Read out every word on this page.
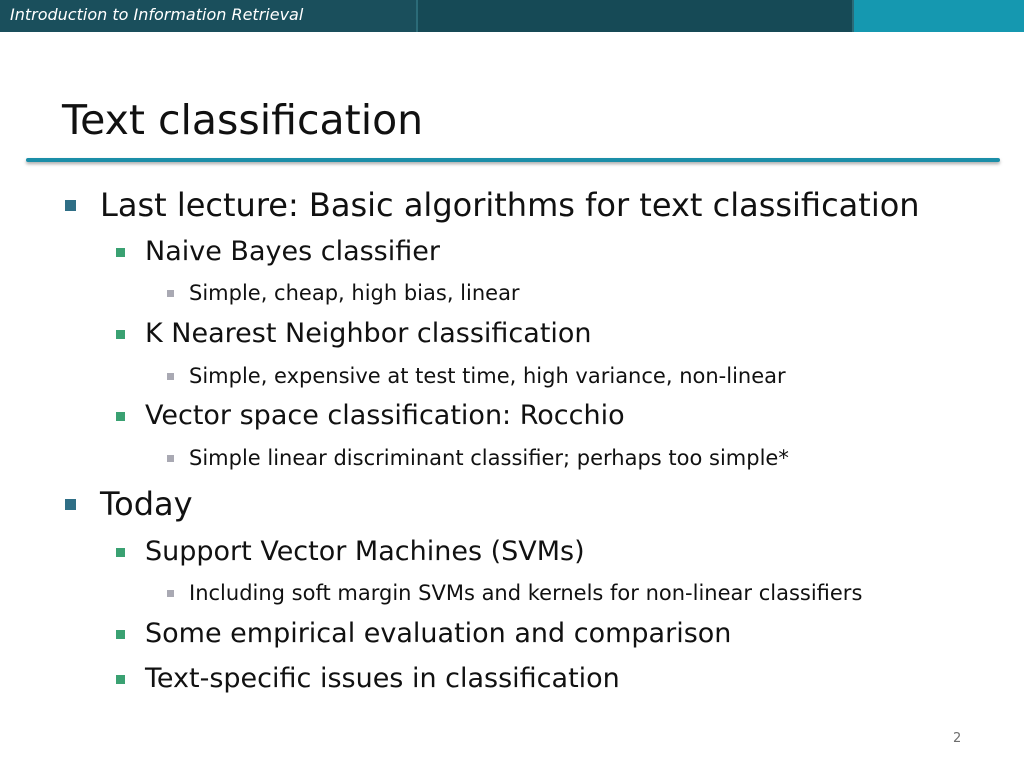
Introduction to Information Retrieval
Text classification
Last lecture: Basic algorithms for text classification
Naive Bayes classifier
Simple, cheap, high bias, linear
K Nearest Neighbor classification
Simple, expensive at test time, high variance, non-linear
Vector space classification: Rocchio
Simple linear discriminant classifier; perhaps too simple*
Today
Support Vector Machines (SVMs)
Including soft margin SVMs and kernels for non-linear classifiers
Some empirical evaluation and comparison
Text-specific issues in classification
2
